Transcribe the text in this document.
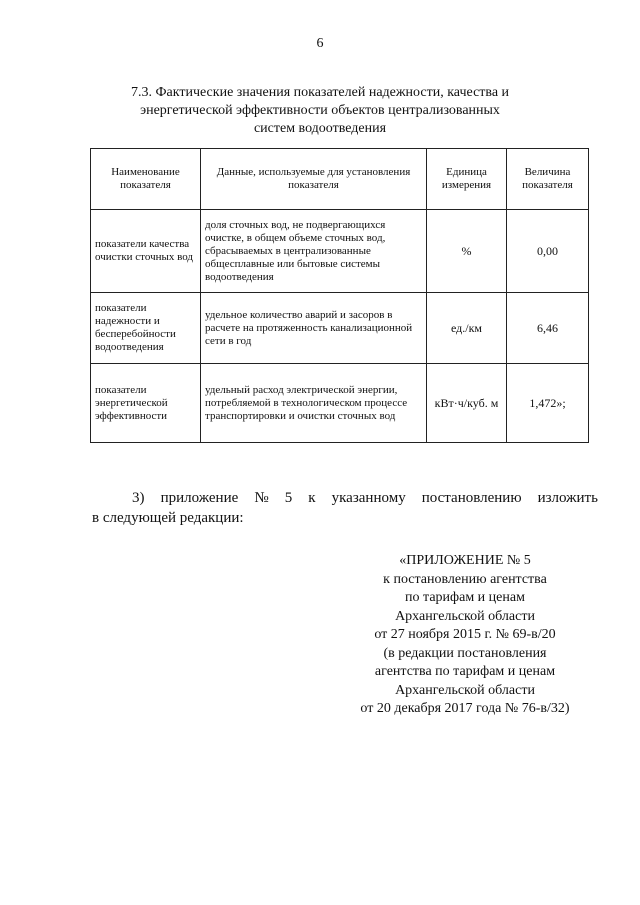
6
7.3. Фактические значения показателей надежности, качества и
энергетической эффективности объектов централизованных
систем водоотведения
Наименование показателя	Данные, используемые для установления показателя	Единица измерения	Величина показателя
показатели качества очистки сточных вод	доля сточных вод, не подвергающихся очистке, в общем объеме сточных вод, сбрасываемых в централизованные общесплавные или бытовые системы водоотведения	%	0,00
показатели надежности и бесперебойности водоотведения	удельное количество аварий и засоров в расчете на протяженность канализационной сети в год	ед./км	6,46
показатели энергетической эффективности	удельный расход электрической энергии, потребляемой в технологическом процессе транспортировки и очистки сточных вод	кВт·ч/куб. м	1,472»;
3) приложение № 5 к указанному постановлению изложить
в следующей редакции:
«ПРИЛОЖЕНИЕ № 5
к постановлению агентства
по тарифам и ценам
Архангельской области
от 27 ноября 2015 г. № 69-в/20
(в редакции постановления
агентства по тарифам и ценам
Архангельской области
от 20 декабря 2017 года № 76-в/32)
